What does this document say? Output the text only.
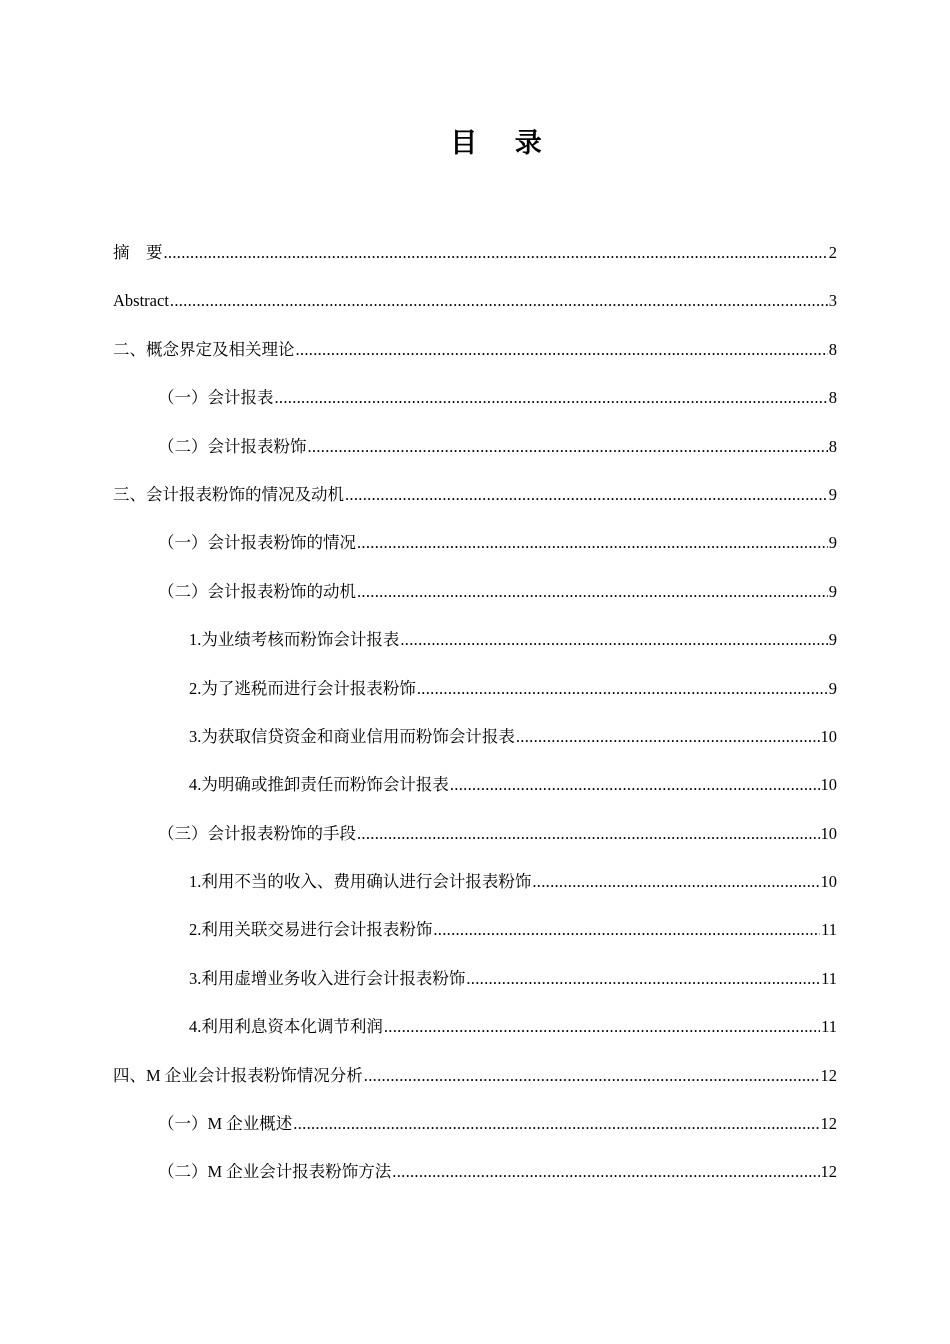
目 录
摘　要 .....	2
Abstract .....	3
二、概念界定及相关理论 .....	8
（一）会计报表 .....	8
（二）会计报表粉饰 .....	8
三、会计报表粉饰的情况及动机 .....	9
（一）会计报表粉饰的情况 .....	9
（二）会计报表粉饰的动机 .....	9
1.为业绩考核而粉饰会计报表 .....	9
2.为了逃税而进行会计报表粉饰 .....	9
3.为获取信贷资金和商业信用而粉饰会计报表 .....	10
4.为明确或推卸责任而粉饰会计报表 .....	10
（三）会计报表粉饰的手段 .....	10
1.利用不当的收入、费用确认进行会计报表粉饰 .....	10
2.利用关联交易进行会计报表粉饰 .....	11
3.利用虚增业务收入进行会计报表粉饰 .....	11
4.利用利息资本化调节利润 .....	11
四、M 企业会计报表粉饰情况分析 .....	12
（一）M 企业概述 .....	12
（二）M 企业会计报表粉饰方法 .....	12
